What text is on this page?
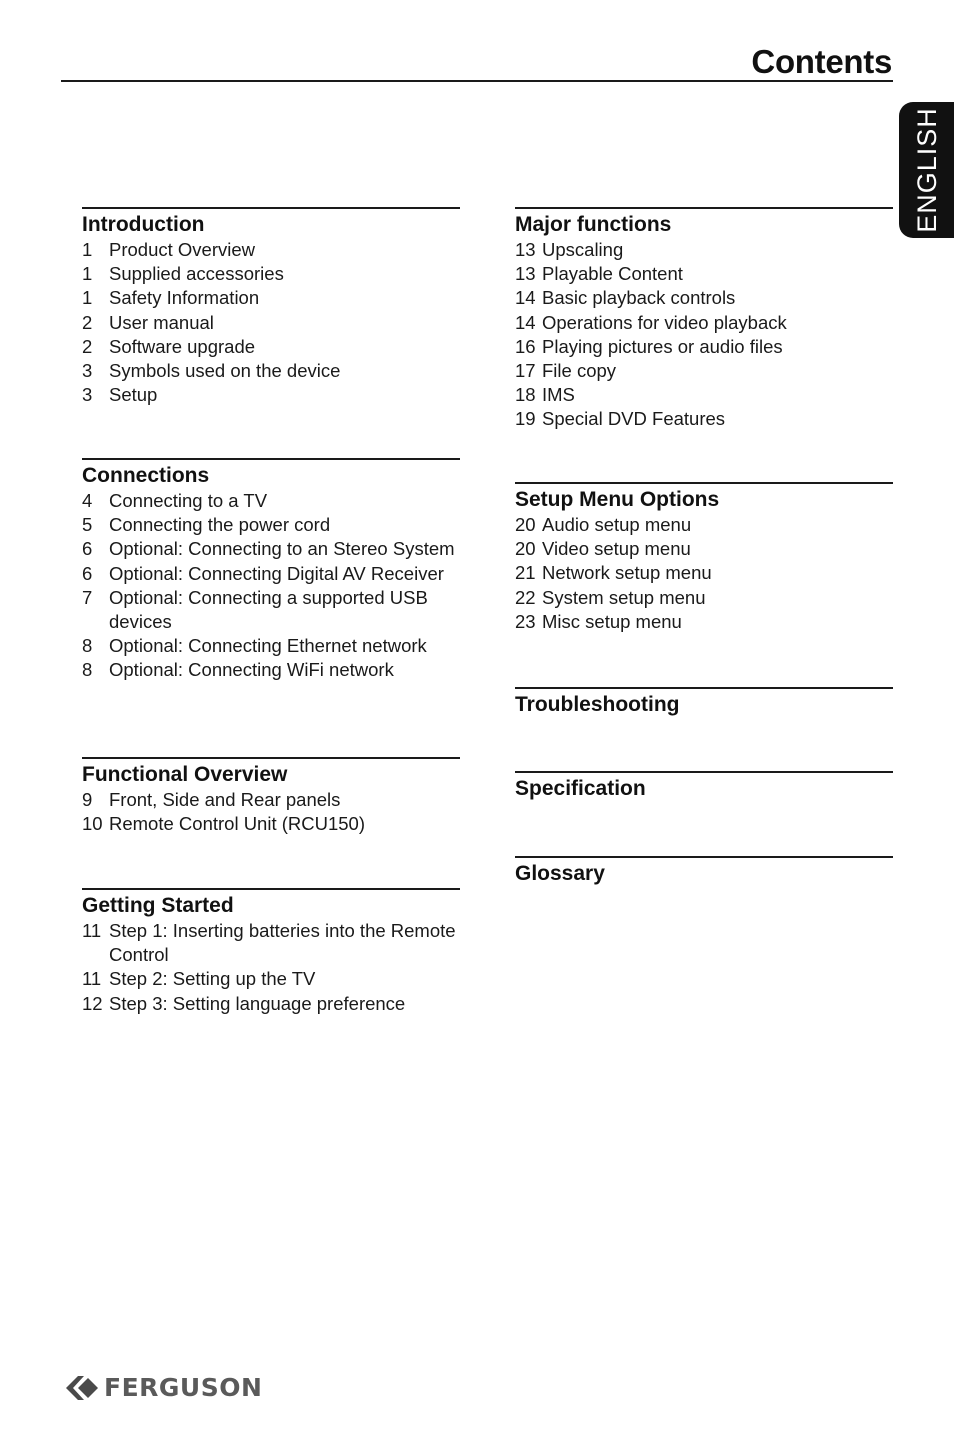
Contents
ENGLISH
Introduction
1 Product Overview
1 Supplied accessories
1 Safety Information
2 User manual
2 Software upgrade
3 Symbols used on the device
3 Setup
Connections
4 Connecting to a TV
5 Connecting the power cord
6 Optional: Connecting to an Stereo System
6 Optional: Connecting Digital AV Receiver
7 Optional: Connecting a supported USB devices
8 Optional: Connecting Ethernet network
8 Optional: Connecting WiFi network
Functional Overview
9 Front, Side and Rear panels
10 Remote Control Unit (RCU150)
Getting Started
11 Step 1: Inserting batteries into the Remote Control
11 Step 2: Setting up the TV
12 Step 3: Setting language preference
Major functions
13 Upscaling
13 Playable Content
14 Basic playback controls
14 Operations for video playback
16 Playing pictures or audio files
17 File copy
18 IMS
19 Special DVD Features
Setup Menu Options
20 Audio setup menu
20 Video setup menu
21 Network setup menu
22 System setup menu
23 Misc setup menu
Troubleshooting
Specification
Glossary
FERGUSON
